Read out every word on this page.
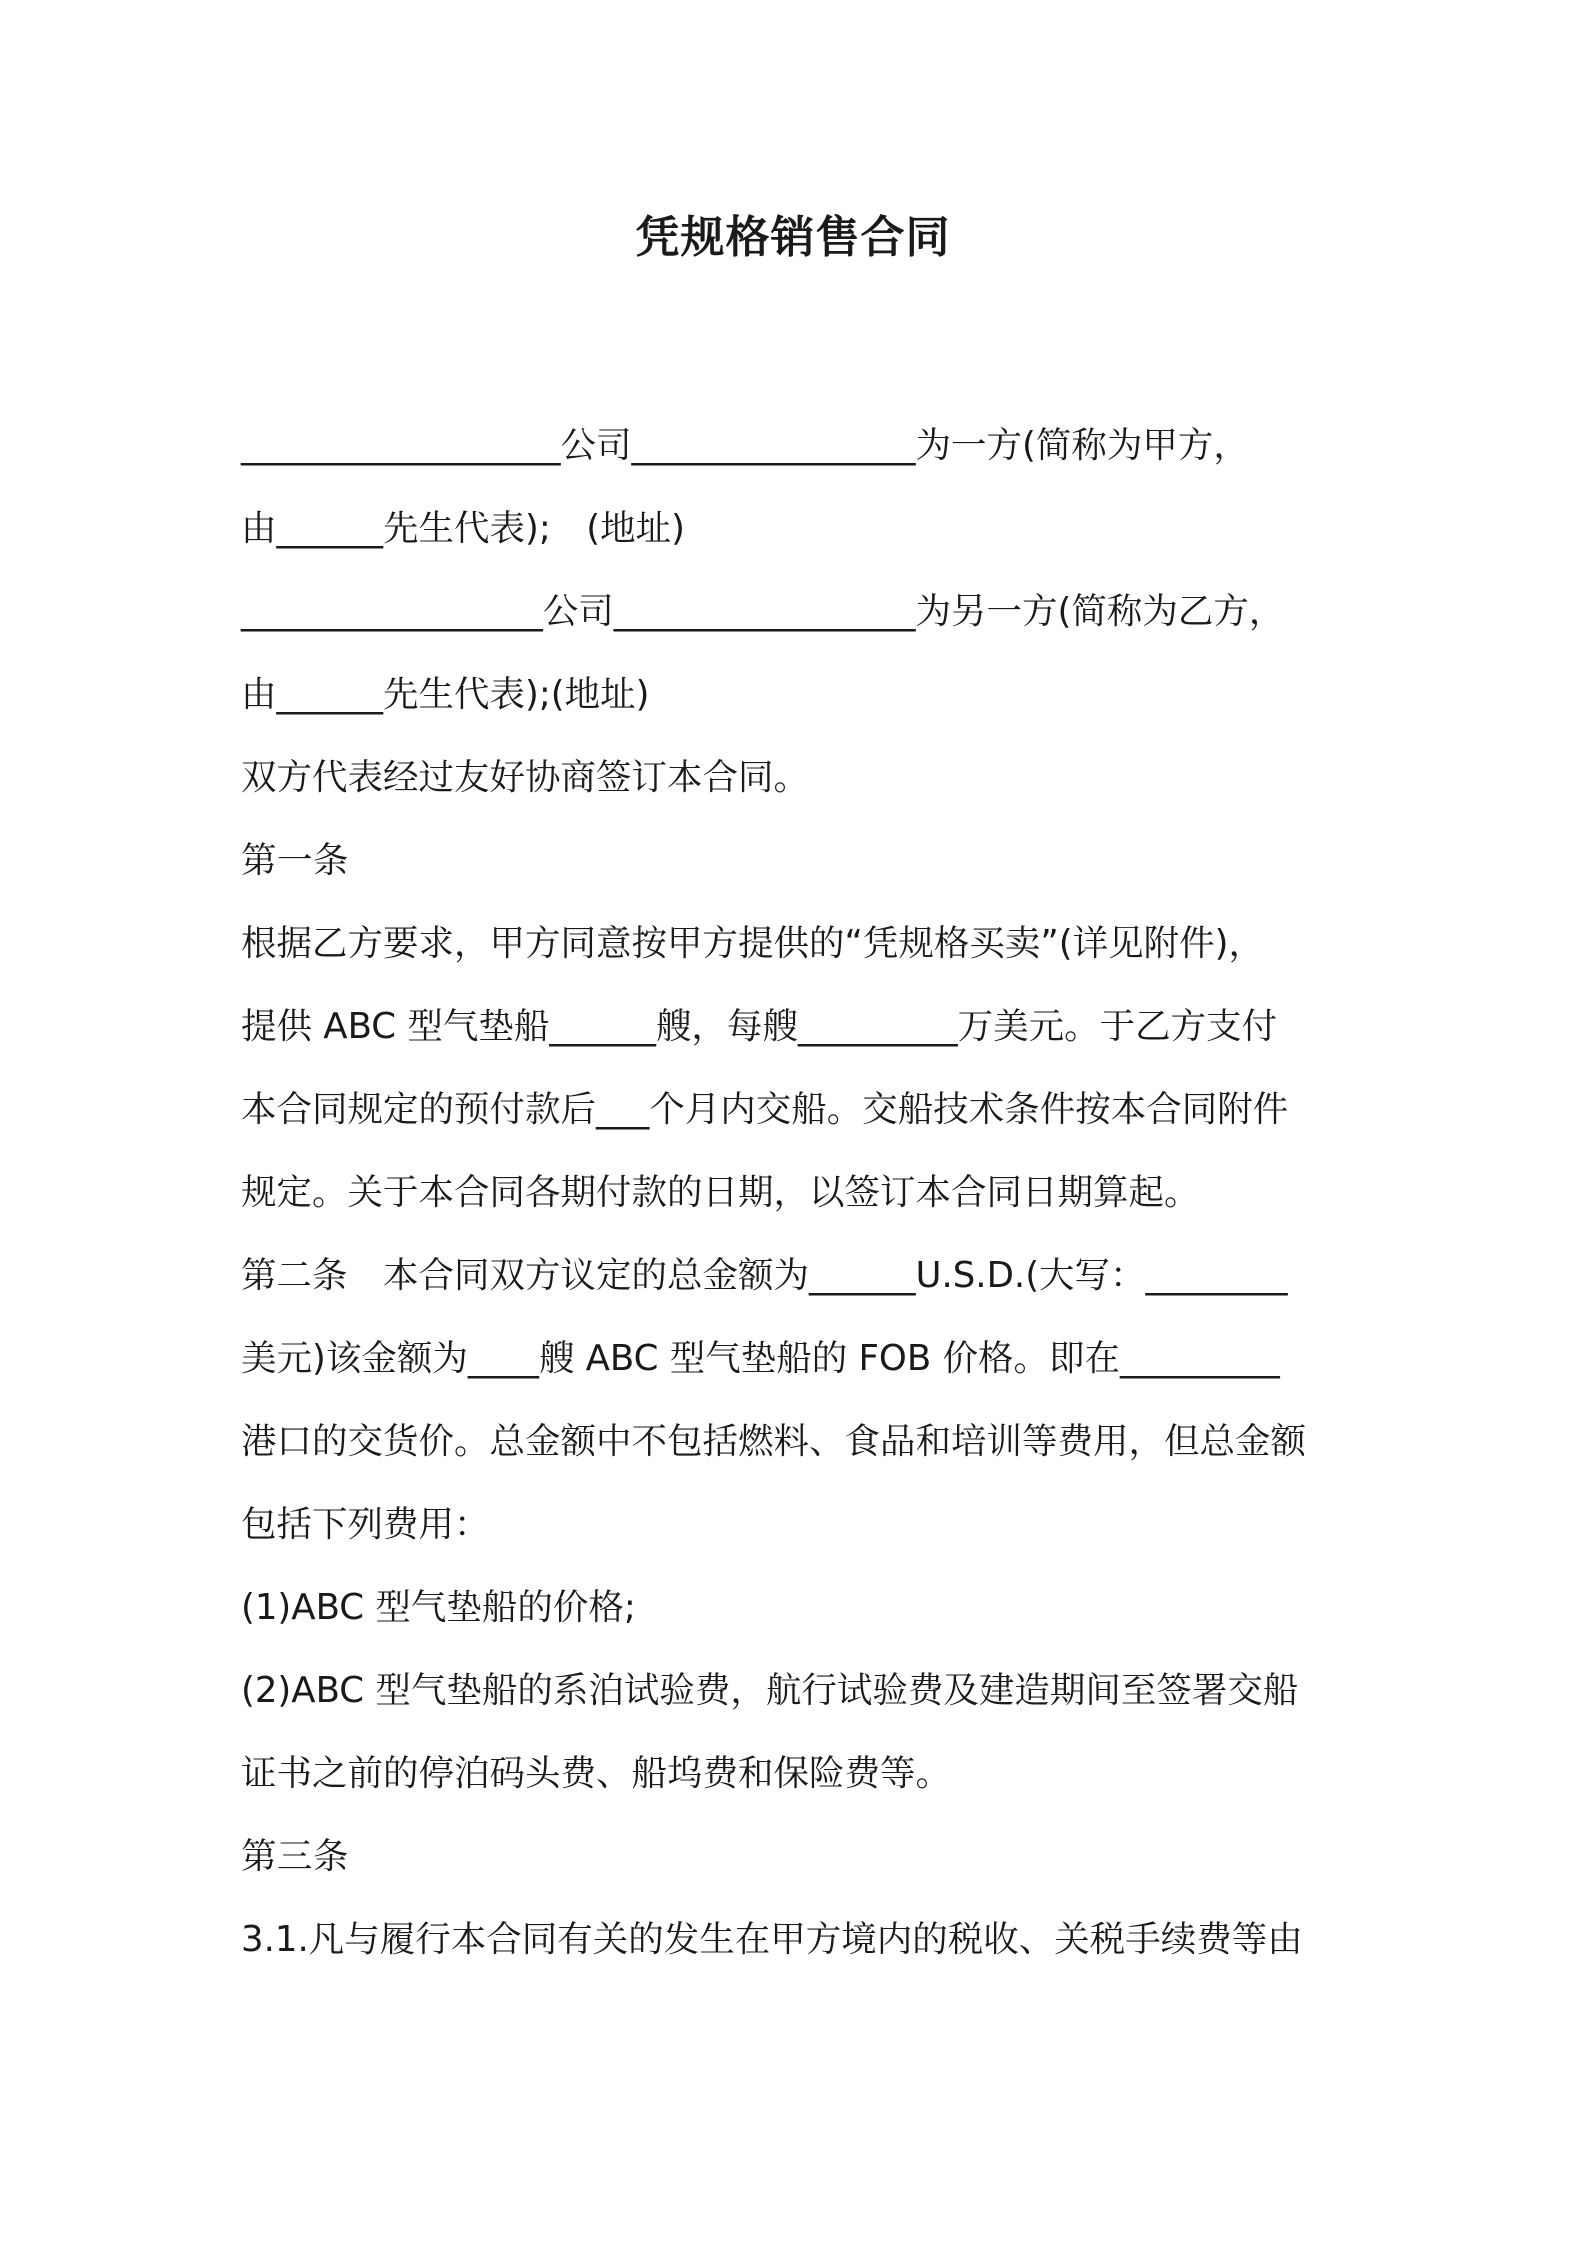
凭规格销售合同
__________________公司________________为一方(简称为甲方，
由______先生代表);　(地址)
_________________公司_________________为另一方(简称为乙方，
由______先生代表);(地址)
双方代表经过友好协商签订本合同。
第一条
根据乙方要求，甲方同意按甲方提供的“凭规格买卖”(详见附件)，
提供 ABC 型气垫船______艘，每艘_________万美元。于乙方支付
本合同规定的预付款后___个月内交船。交船技术条件按本合同附件
规定。关于本合同各期付款的日期，以签订本合同日期算起。
第二条　本合同双方议定的总金额为______U.S.D.(大写：________
美元)该金额为____艘 ABC 型气垫船的 FOB 价格。即在_________
港口的交货价。总金额中不包括燃料、食品和培训等费用，但总金额
包括下列费用：
(1)ABC 型气垫船的价格;
(2)ABC 型气垫船的系泊试验费，航行试验费及建造期间至签署交船
证书之前的停泊码头费、船坞费和保险费等。
第三条
3.1.凡与履行本合同有关的发生在甲方境内的税收、关税手续费等由
